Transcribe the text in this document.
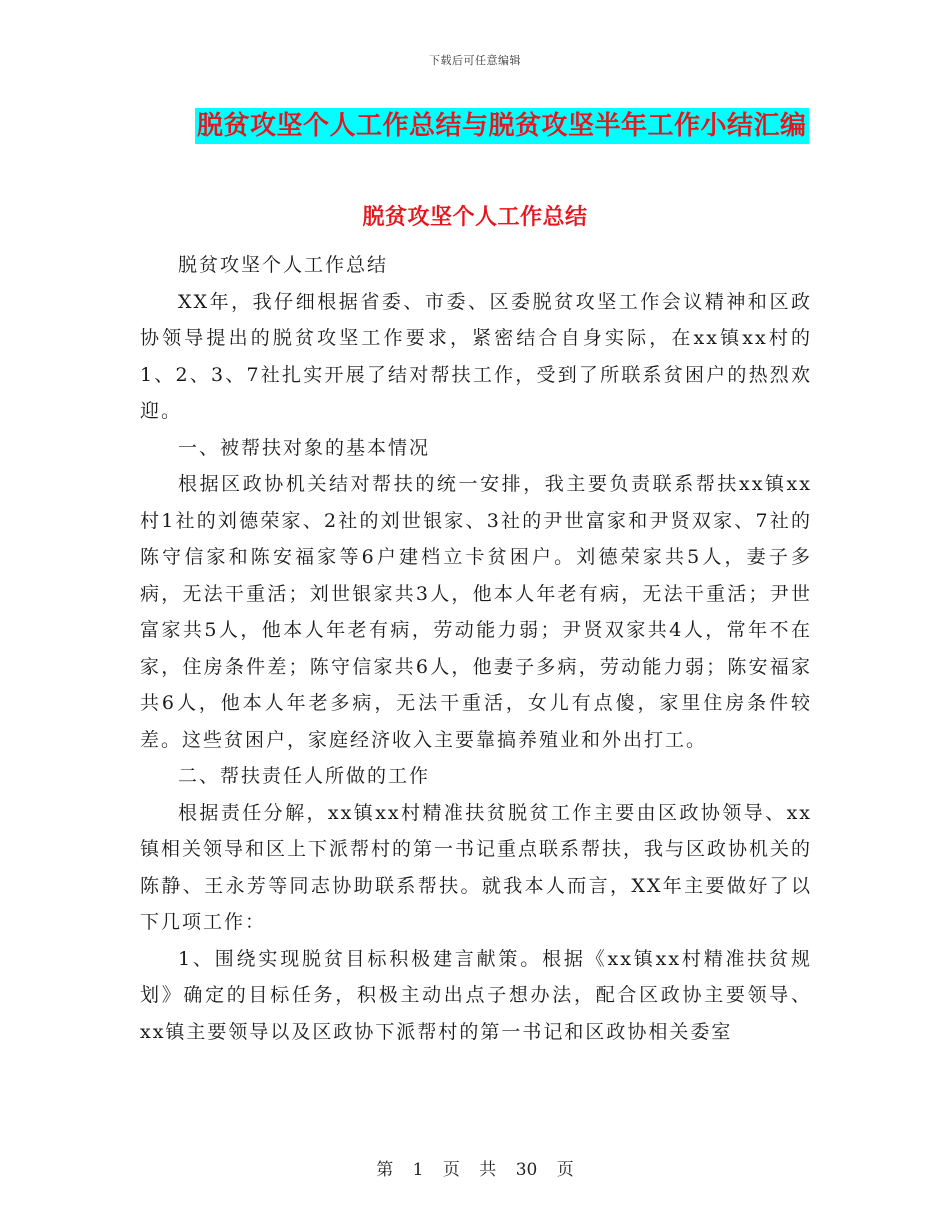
下载后可任意编辑
脱贫攻坚个人工作总结与脱贫攻坚半年工作小结汇编
脱贫攻坚个人工作总结

脱贫攻坚个人工作总结

XX年，我仔细根据省委、市委、区委脱贫攻坚工作会议精神和区政协领导提出的脱贫攻坚工作要求，紧密结合自身实际，在xx镇xx村的1、2、3、7社扎实开展了结对帮扶工作，受到了所联系贫困户的热烈欢迎。

一、被帮扶对象的基本情况

根据区政协机关结对帮扶的统一安排，我主要负责联系帮扶xx镇xx村1社的刘德荣家、2社的刘世银家、3社的尹世富家和尹贤双家、7社的陈守信家和陈安福家等6户建档立卡贫困户。刘德荣家共5人，妻子多病，无法干重活；刘世银家共3人，他本人年老有病，无法干重活；尹世富家共5人，他本人年老有病，劳动能力弱；尹贤双家共4人，常年不在家，住房条件差；陈守信家共6人，他妻子多病，劳动能力弱；陈安福家共6人，他本人年老多病，无法干重活，女儿有点傻，家里住房条件较差。这些贫困户，家庭经济收入主要靠搞养殖业和外出打工。

二、帮扶责任人所做的工作

根据责任分解，xx镇xx村精准扶贫脱贫工作主要由区政协领导、xx镇相关领导和区上下派帮村的第一书记重点联系帮扶，我与区政协机关的陈静、王永芳等同志协助联系帮扶。就我本人而言，XX年主要做好了以下几项工作：

1、围绕实现脱贫目标积极建言献策。根据《xx镇xx村精准扶贫规划》确定的目标任务，积极主动出点子想办法，配合区政协主要领导、xx镇主要领导以及区政协下派帮村的第一书记和区政协相关委室

第 1 页 共 30 页
